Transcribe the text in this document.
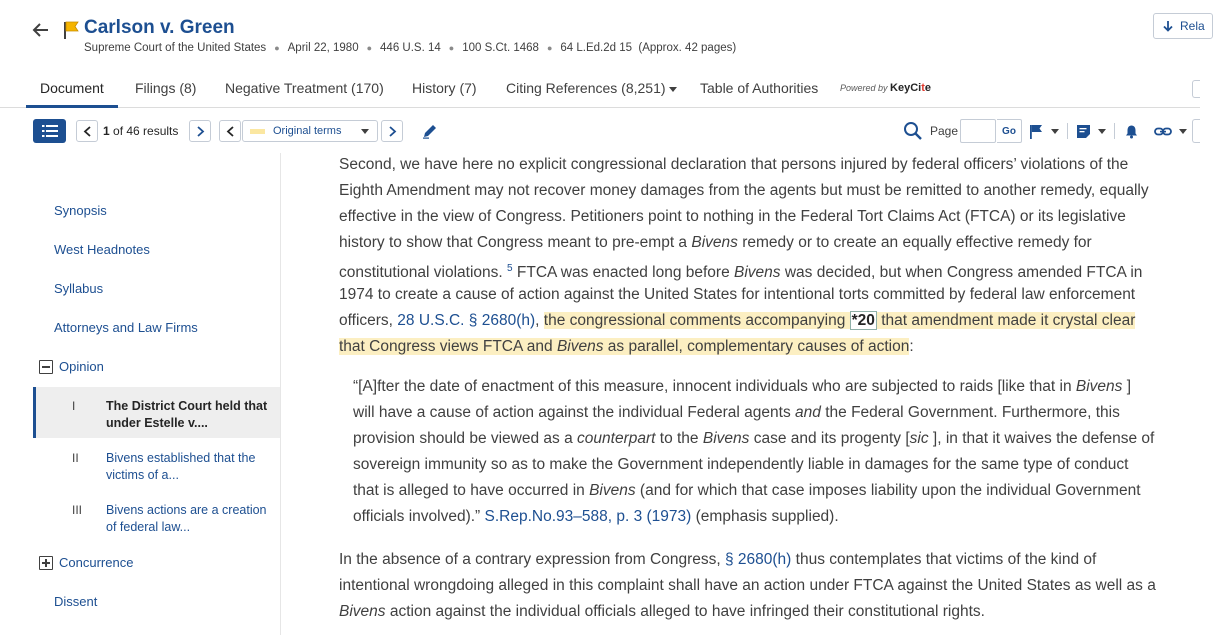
Carlson v. Green
Supreme Court of the United States ● April 22, 1980 ● 446 U.S. 14 ● 100 S.Ct. 1468 ● 64 L.Ed.2d 15
(Approx. 42 pages)
Rela
Document Filings (8) Negative Treatment (170) History (7) Citing References (8,251) Table of Authorities Powered by KeyCite
1 of 46 results	Original terms	Page	Go
Synopsis
West Headnotes
Syllabus
Attorneys and Law Firms
Opinion
I The District Court held that under Estelle v....
II Bivens established that the victims of a...
III Bivens actions are a creation of federal law...
Concurrence
Dissent
Second, we have here no explicit congressional declaration that persons injured by federal officers’ violations of the
Eighth Amendment may not recover money damages from the agents but must be remitted to another remedy, equally
effective in the view of Congress. Petitioners point to nothing in the Federal Tort Claims Act (FTCA) or its legislative
history to show that Congress meant to pre-empt a Bivens remedy or to create an equally effective remedy for
constitutional violations. $^5$ FTCA was enacted long before Bivens was decided, but when Congress amended FTCA in
1974 to create a cause of action against the United States for intentional torts committed by federal law enforcement
officers, 28 U.S.C. § 2680(h), the congressional comments accompanying *20 that amendment made it crystal clear
that Congress views FTCA and Bivens as parallel, complementary causes of action:
“[A]fter the date of enactment of this measure, innocent individuals who are subjected to raids [like that in Bivens ]
will have a cause of action against the individual Federal agents and the Federal Government. Furthermore, this
provision should be viewed as a counterpart to the Bivens case and its progenty [sic ], in that it waives the defense of
sovereign immunity so as to make the Government independently liable in damages for the same type of conduct
that is alleged to have occurred in Bivens (and for which that case imposes liability upon the individual Government
officials involved).” S.Rep.No.93–588, p. 3 (1973) (emphasis supplied).
In the absence of a contrary expression from Congress, § 2680(h) thus contemplates that victims of the kind of
intentional wrongdoing alleged in this complaint shall have an action under FTCA against the United States as well as a
Bivens action against the individual officials alleged to have infringed their constitutional rights.
